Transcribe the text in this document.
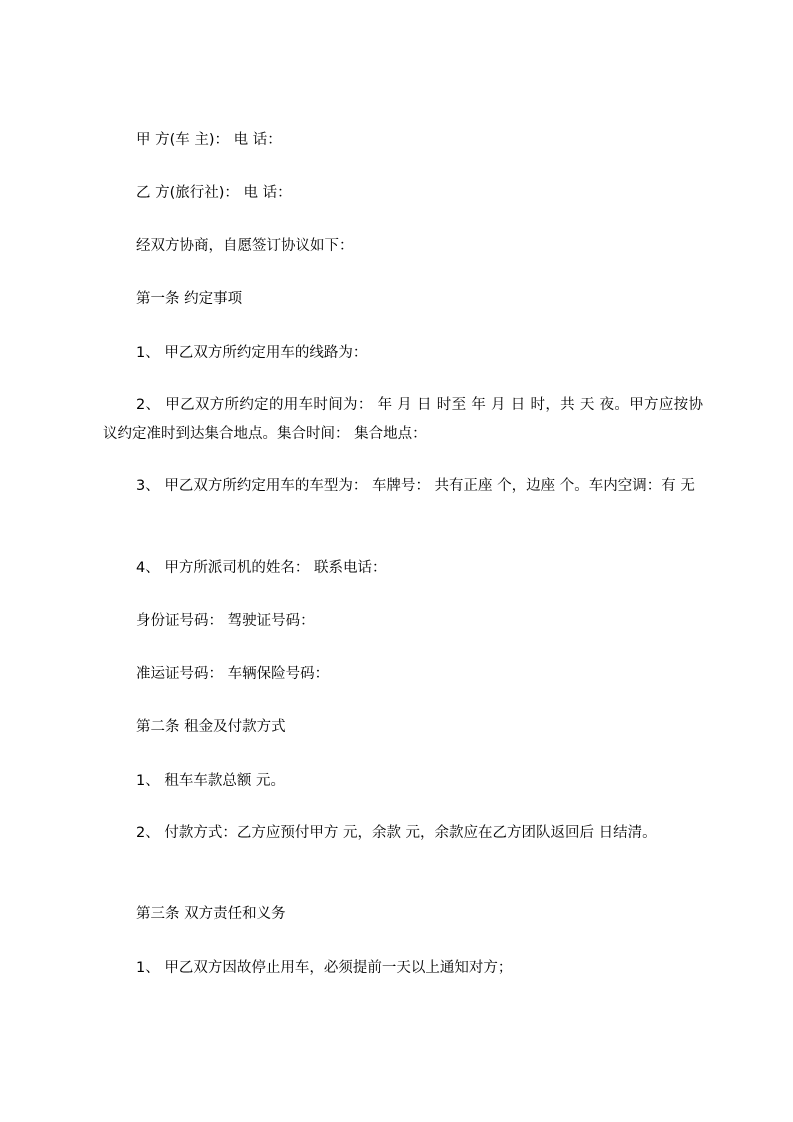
甲 方(车 主)： 电 话：
乙 方(旅行社)： 电 话：
经双方协商，自愿签订协议如下：
第一条 约定事项
1、 甲乙双方所约定用车的线路为：
2、 甲乙双方所约定的用车时间为： 年 月 日 时至 年 月 日 时，共 天 夜。甲方应按协议约定准时到达集合地点。集合时间： 集合地点：
3、 甲乙双方所约定用车的车型为： 车牌号： 共有正座 个，边座 个。车内空调：有 无
4、 甲方所派司机的姓名： 联系电话：
身份证号码： 驾驶证号码：
准运证号码： 车辆保险号码：
第二条 租金及付款方式
1、 租车车款总额 元。
2、 付款方式：乙方应预付甲方 元，余款 元，余款应在乙方团队返回后 日结清。
第三条 双方责任和义务
1、 甲乙双方因故停止用车，必须提前一天以上通知对方；
